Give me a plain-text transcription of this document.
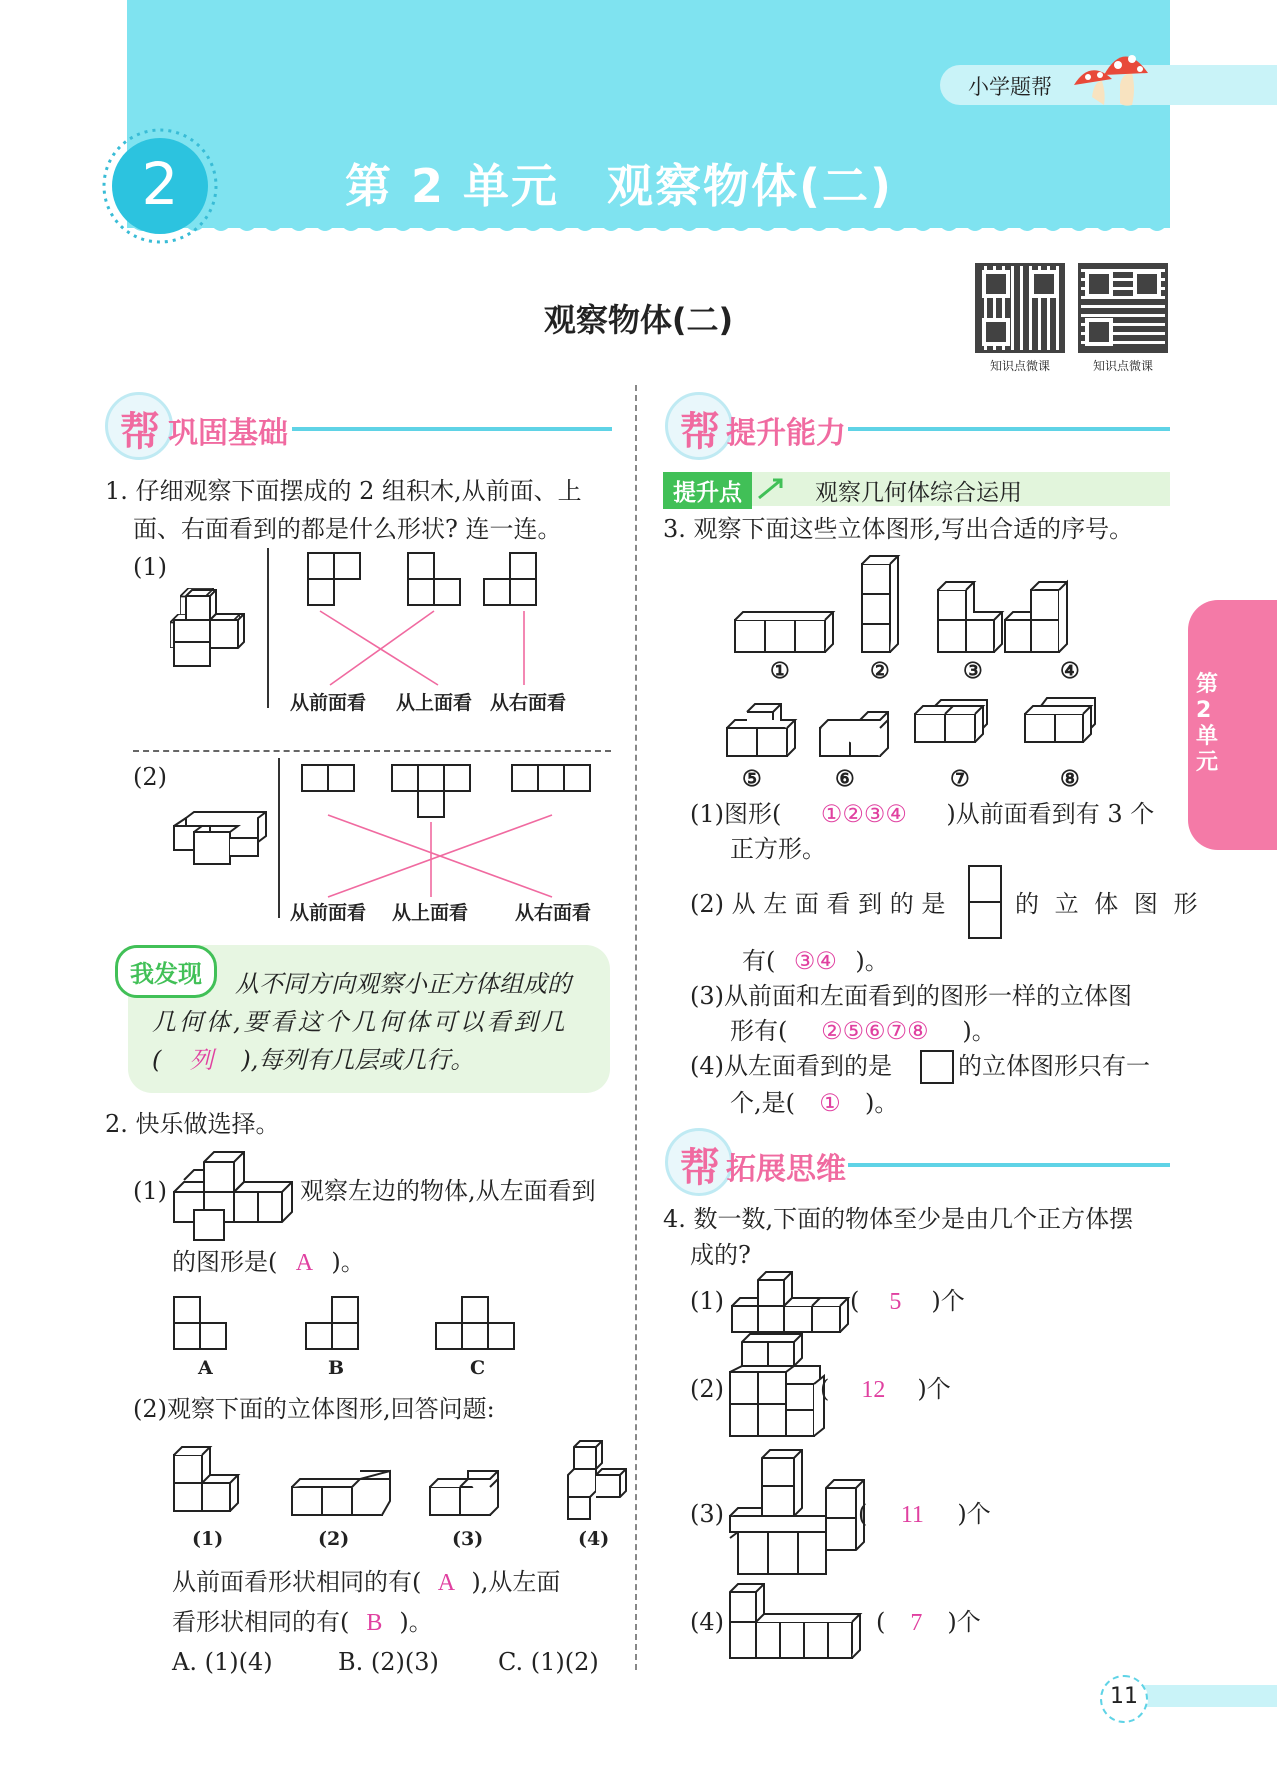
小学题帮
2	第 2 单元　观察物体(二)
观察物体(二)
知识点微课	知识点微课
第2单元
帮 巩固基础
1. 仔细观察下面摆成的 2 组积木,从前面、上
面、右面看到的都是什么形状? 连一连。
(1)
从前面看 从上面看 从右面看
(2)
从前面看 从上面看 从右面看
我发现	从不同方向观察小正方体组成的
几何体,要看这个几何体可以看到几
( 列 ),每列有几层或几行。
2. 快乐做选择。
(1)	观察左边的物体,从左面看到
的图形是( A )。
A	B	C
(2)观察下面的立体图形,回答问题:
(1)	(2)	(3)	(4)
从前面看形状相同的有( A ),从左面
看形状相同的有( B )。
A. (1)(4)	B. (2)(3) C. (1)(2)
帮 提升能力
提升点	观察几何体综合运用
3. 观察下面这些立体图形,写出合适的序号。
①	②	③	④
⑤	⑥	⑦	⑧
(1)图形( ①②③④ )从前面看到有 3 个
正方形。
(2) 从 左 面 看 到 的 是	的 立 体 图 形
有( ③④ )。
(3)从前面和左面看到的图形一样的立体图
形有( ②⑤⑥⑦⑧ )。
(4)从左面看到的是	的立体图形只有一
个,是( ① )。
帮 拓展思维
4. 数一数,下面的物体至少是由几个正方体摆
成的?
(1)	( 5 )个
(2)	( 12 )个
(3)	( 11 )个
(4)	( 7 )个
11
